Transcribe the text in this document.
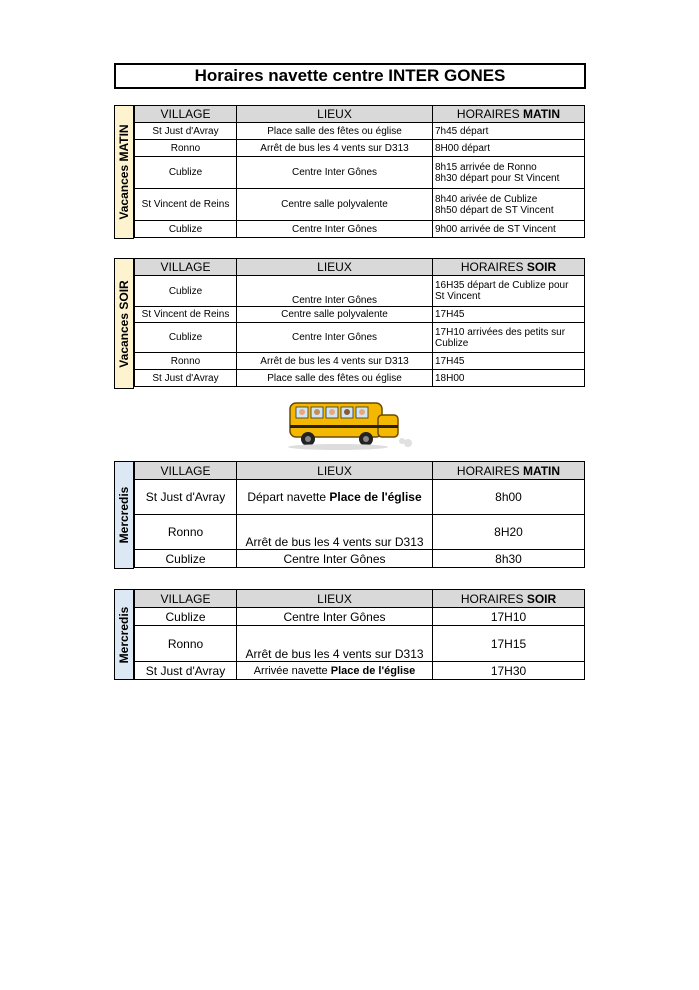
Horaires navette centre INTER GONES
Vacances MATIN
VILLAGE	LIEUX	HORAIRES MATIN
St Just d'Avray	Place salle des fêtes ou église	7h45 départ
Ronno	Arrêt de bus les 4 vents sur D313	8H00 départ
Cublize	Centre Inter Gônes	8h15 arrivée de Ronno
8h30 départ pour St Vincent

St Vincent de Reins	Centre salle polyvalente	8h40 arivée de Cublize
8h50 départ de ST Vincent

Cublize	Centre Inter Gônes	9h00 arrivée de ST Vincent
Vacances SOIR
VILLAGE	LIEUX	HORAIRES SOIR
Cublize	Centre Inter Gônes	16H35 départ de Cublize pour
St Vincent

St Vincent de Reins	Centre salle polyvalente	17H45
Cublize	Centre Inter Gônes	17H10 arrivées des petits sur
Cublize

Ronno	Arrêt de bus les 4 vents sur D313	17H45
St Just d'Avray	Place salle des fêtes ou église	18H00
Mercredis
VILLAGE	LIEUX	HORAIRES MATIN
St Just d'Avray	Départ navette Place de l'église	8h00
Ronno	Arrêt de bus les 4 vents sur D313	8H20
Cublize	Centre Inter Gônes	8h30
Mercredis
VILLAGE	LIEUX	HORAIRES SOIR
Cublize	Centre Inter Gônes	17H10
Ronno	Arrêt de bus les 4 vents sur D313	17H15
St Just d'Avray	Arrivée navette Place de l'église	17H30
